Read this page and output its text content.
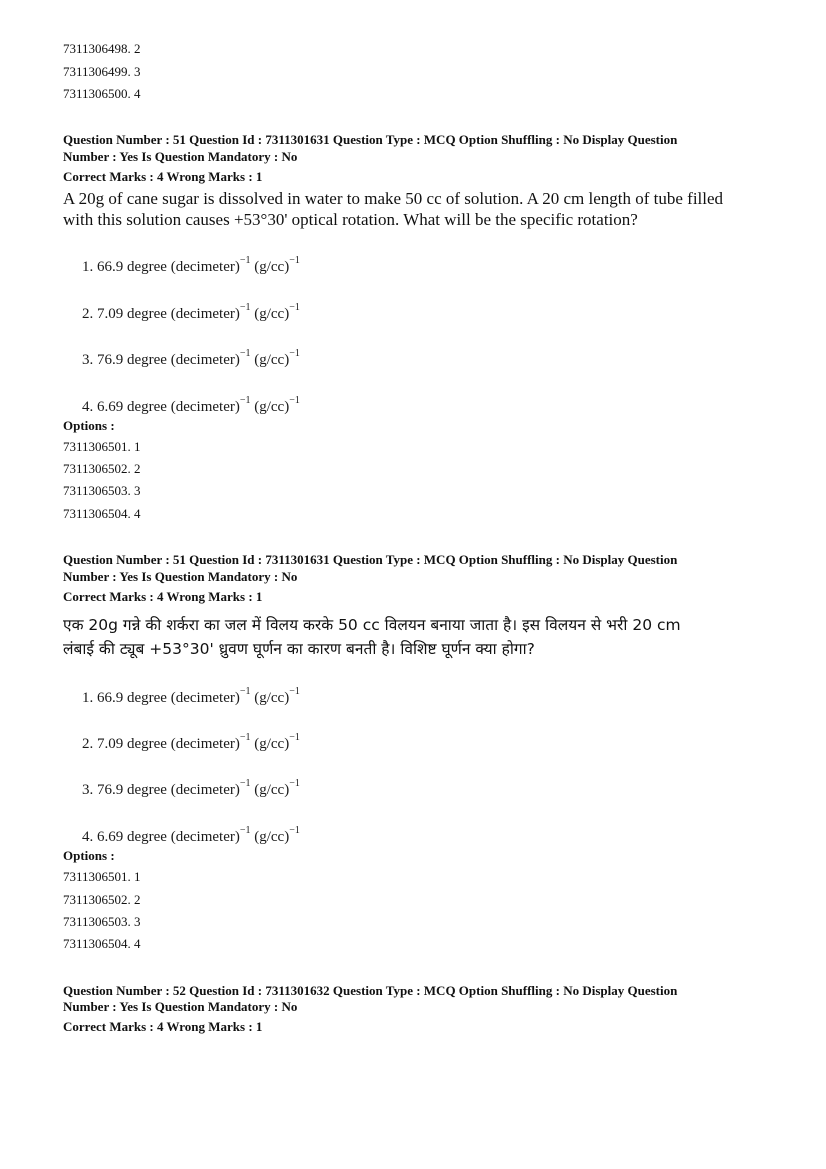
7311306498. 2
7311306499. 3
7311306500. 4
Question Number : 51 Question Id : 7311301631 Question Type : MCQ Option Shuffling : No Display Question
Number : Yes Is Question Mandatory : No
Correct Marks : 4 Wrong Marks : 1
A 20g of cane sugar is dissolved in water to make 50 cc of solution. A 20 cm length of tube filled
with this solution causes +53°30' optical rotation. What will be the specific rotation?
1. 66.9 degree (decimeter)$^{-1}$ $(g/cc)^{-1}$
2. 7.09 degree (decimeter)$^{-1}$ $(g/cc)^{-1}$
3. 76.9 degree (decimeter)$^{-1}$ $(g/cc)^{-1}$
4. 6.69 degree (decimeter)$^{-1}$ $(g/cc)^{-1}$
Options :
7311306501. 1
7311306502. 2
7311306503. 3
7311306504. 4
Question Number : 51 Question Id : 7311301631 Question Type : MCQ Option Shuffling : No Display Question
Number : Yes Is Question Mandatory : No
Correct Marks : 4 Wrong Marks : 1
एक 20g गन्ने की शर्करा का जल में विलय करके 50 cc विलयन बनाया जाता है। इस विलयन से भरी 20 cm
लंबाई की ट्यूब +53°30' ध्रुवण घूर्णन का कारण बनती है। विशिष्ट घूर्णन क्या होगा?
1. 66.9 degree (decimeter)$^{-1}$ $(g/cc)^{-1}$
2. 7.09 degree (decimeter)$^{-1}$ $(g/cc)^{-1}$
3. 76.9 degree (decimeter)$^{-1}$ $(g/cc)^{-1}$
4. 6.69 degree (decimeter)$^{-1}$ $(g/cc)^{-1}$
Options :
7311306501. 1
7311306502. 2
7311306503. 3
7311306504. 4
Question Number : 52 Question Id : 7311301632 Question Type : MCQ Option Shuffling : No Display Question
Number : Yes Is Question Mandatory : No
Correct Marks : 4 Wrong Marks : 1
